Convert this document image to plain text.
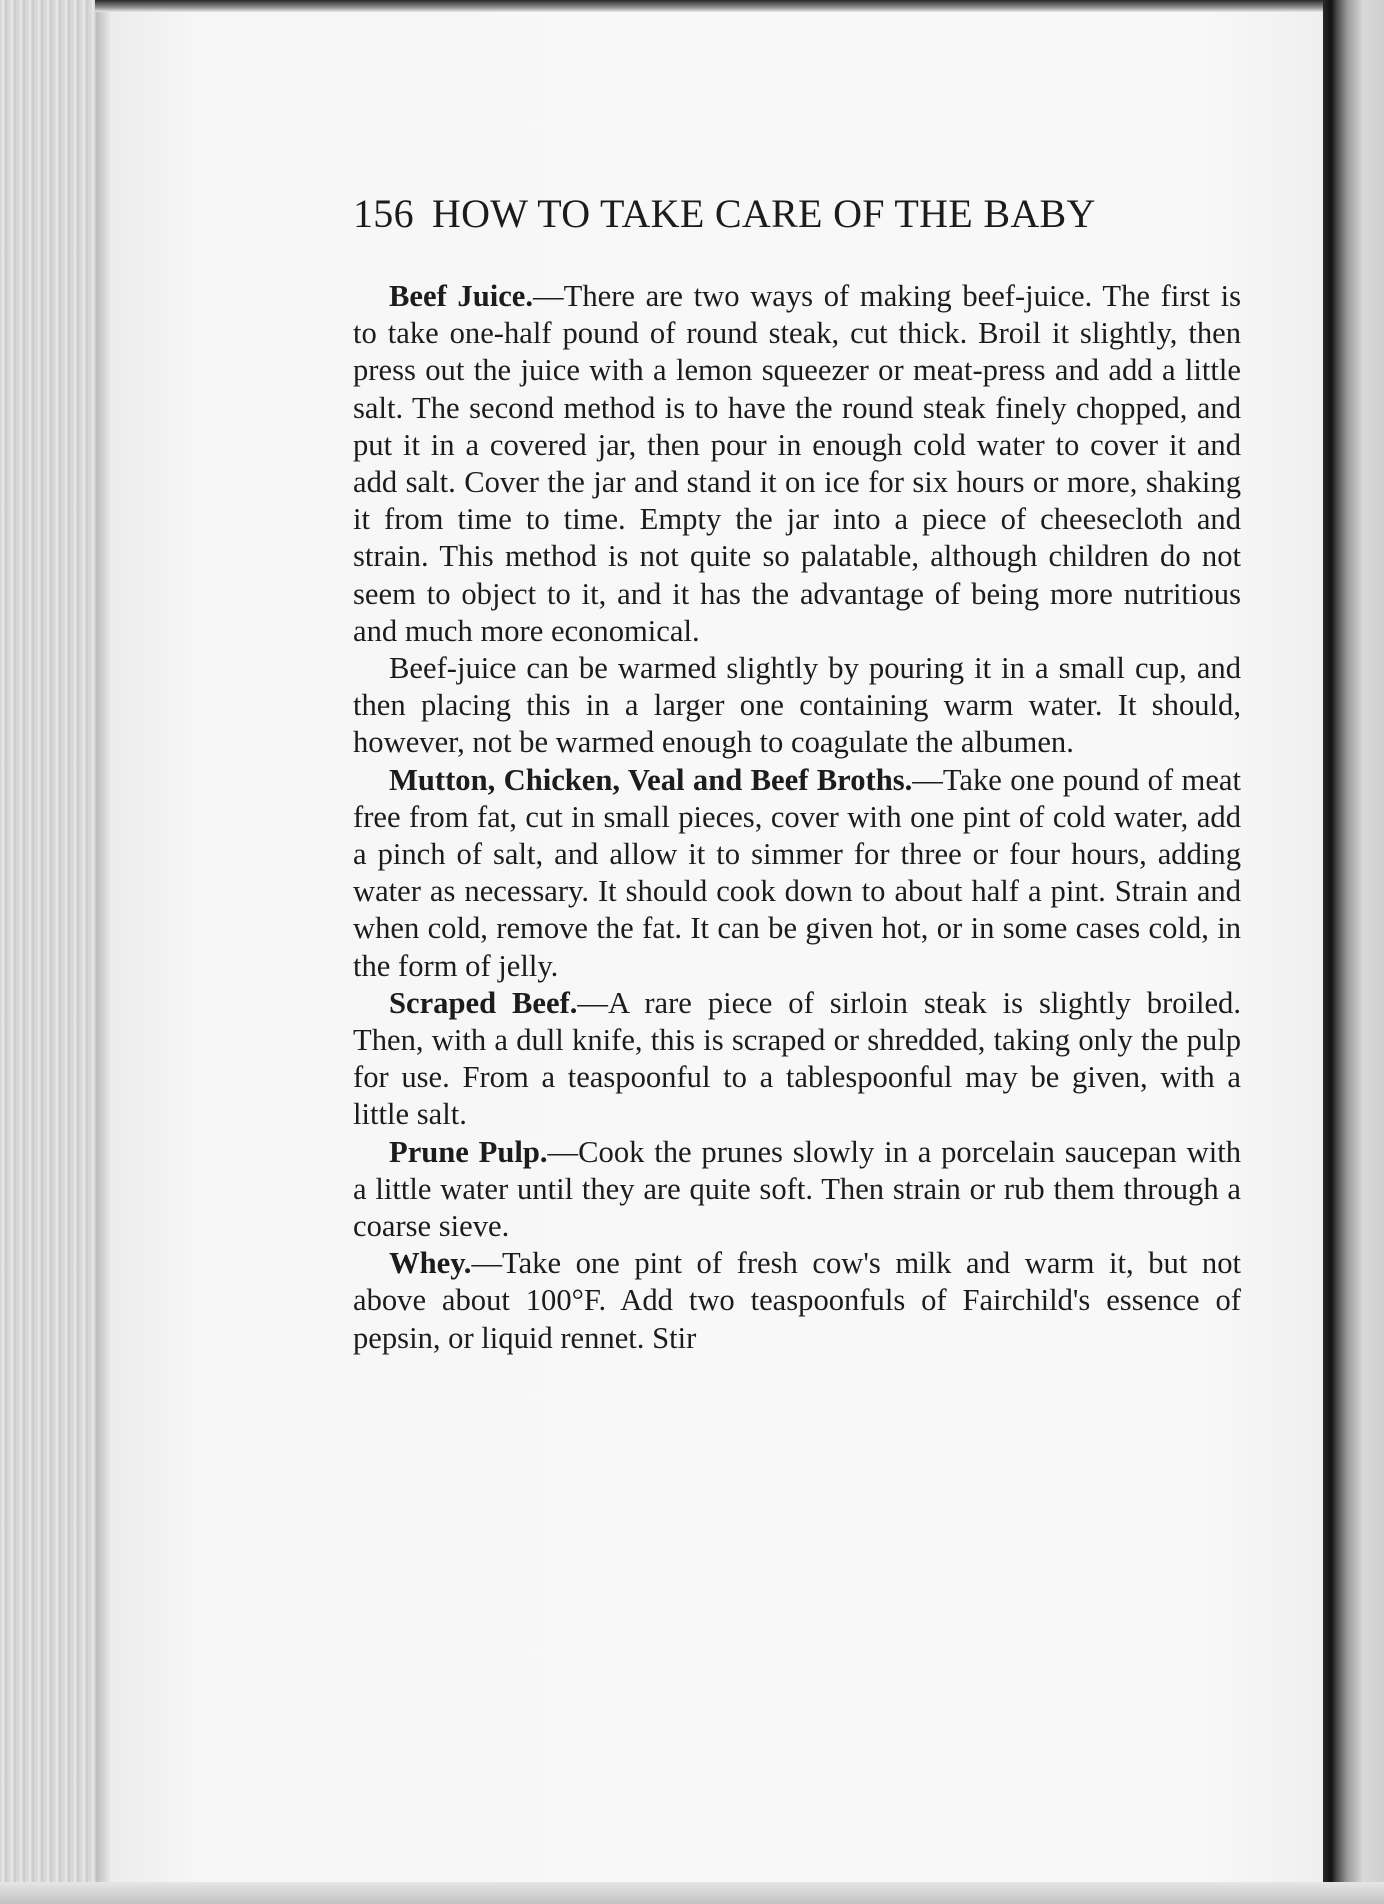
156 HOW TO TAKE CARE OF THE BABY

Beef Juice.—There are two ways of making beef-juice. The first is to take one-half pound of round steak, cut thick. Broil it slightly, then press out the juice with a lemon squeezer or meat-press and add a little salt. The second method is to have the round steak finely chopped, and put it in a covered jar, then pour in enough cold water to cover it and add salt. Cover the jar and stand it on ice for six hours or more, shaking it from time to time. Empty the jar into a piece of cheesecloth and strain. This method is not quite so palatable, although children do not seem to object to it, and it has the advantage of being more nutritious and much more economical.

Beef-juice can be warmed slightly by pouring it in a small cup, and then placing this in a larger one containing warm water. It should, however, not be warmed enough to coagulate the albumen.

Mutton, Chicken, Veal and Beef Broths.—Take one pound of meat free from fat, cut in small pieces, cover with one pint of cold water, add a pinch of salt, and allow it to simmer for three or four hours, adding water as necessary. It should cook down to about half a pint. Strain and when cold, remove the fat. It can be given hot, or in some cases cold, in the form of jelly.

Scraped Beef.—A rare piece of sirloin steak is slightly broiled. Then, with a dull knife, this is scraped or shredded, taking only the pulp for use. From a teaspoonful to a tablespoonful may be given, with a little salt.

Prune Pulp.—Cook the prunes slowly in a porcelain saucepan with a little water until they are quite soft. Then strain or rub them through a coarse sieve.

Whey.—Take one pint of fresh cow's milk and warm it, but not above about 100°F. Add two teaspoonfuls of Fairchild's essence of pepsin, or liquid rennet. Stir
